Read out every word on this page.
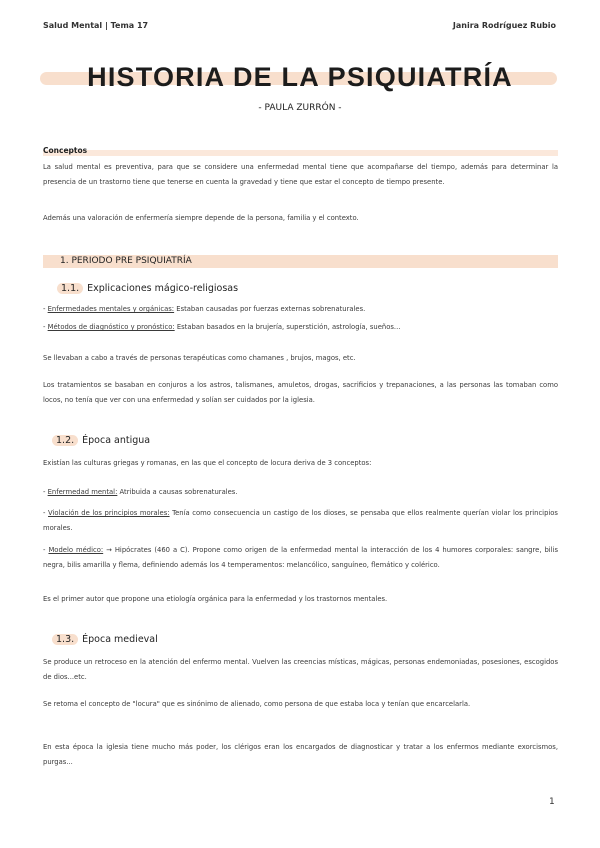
Salud Mental | Tema 17	Janira Rodríguez Rubio
HISTORIA DE LA PSIQUIATRÍA
- PAULA ZURRÓN -
Conceptos
La salud mental es preventiva, para que se considere una enfermedad mental tiene que acompañarse del tiempo, además para determinar la presencia de un trastorno tiene que tenerse en cuenta la gravedad y tiene que estar el concepto de tiempo presente.
Además una valoración de enfermería siempre depende de la persona, familia y el contexto.
1. PERIODO PRE PSIQUIATRÍA
1.1. Explicaciones mágico-religiosas
- Enfermedades mentales y orgánicas: Estaban causadas por fuerzas externas sobrenaturales.
- Métodos de diagnóstico y pronóstico: Estaban basados en la brujería, superstición, astrología, sueños...
Se llevaban a cabo a través de personas terapéuticas como chamanes , brujos, magos, etc.
Los tratamientos se basaban en conjuros a los astros, talismanes, amuletos, drogas, sacrificios y trepanaciones, a las personas las tomaban como locos, no tenía que ver con una enfermedad y solían ser cuidados por la iglesia.
1.2. Época antigua
Existían las culturas griegas y romanas, en las que el concepto de locura deriva de 3 conceptos:
- Enfermedad mental: Atribuida a causas sobrenaturales.
- Violación de los principios morales: Tenía como consecuencia un castigo de los dioses, se pensaba que ellos realmente querían violar los principios morales.
- Modelo médico: → Hipócrates (460 a C). Propone como origen de la enfermedad mental la interacción de los 4 humores corporales: sangre, bilis negra, bilis amarilla y flema, definiendo además los 4 temperamentos: melancólico, sanguíneo, flemático y colérico.
Es el primer autor que propone una etiología orgánica para la enfermedad y los trastornos mentales.
1.3. Época medieval
Se produce un retroceso en la atención del enfermo mental. Vuelven las creencias místicas, mágicas, personas endemoniadas, posesiones, escogidos de dios...etc.
Se retoma el concepto de "locura" que es sinónimo de alienado, como persona de que estaba loca y tenían que encarcelarla.
En esta época la iglesia tiene mucho más poder, los clérigos eran los encargados de diagnosticar y tratar a los enfermos mediante exorcismos, purgas...
1
